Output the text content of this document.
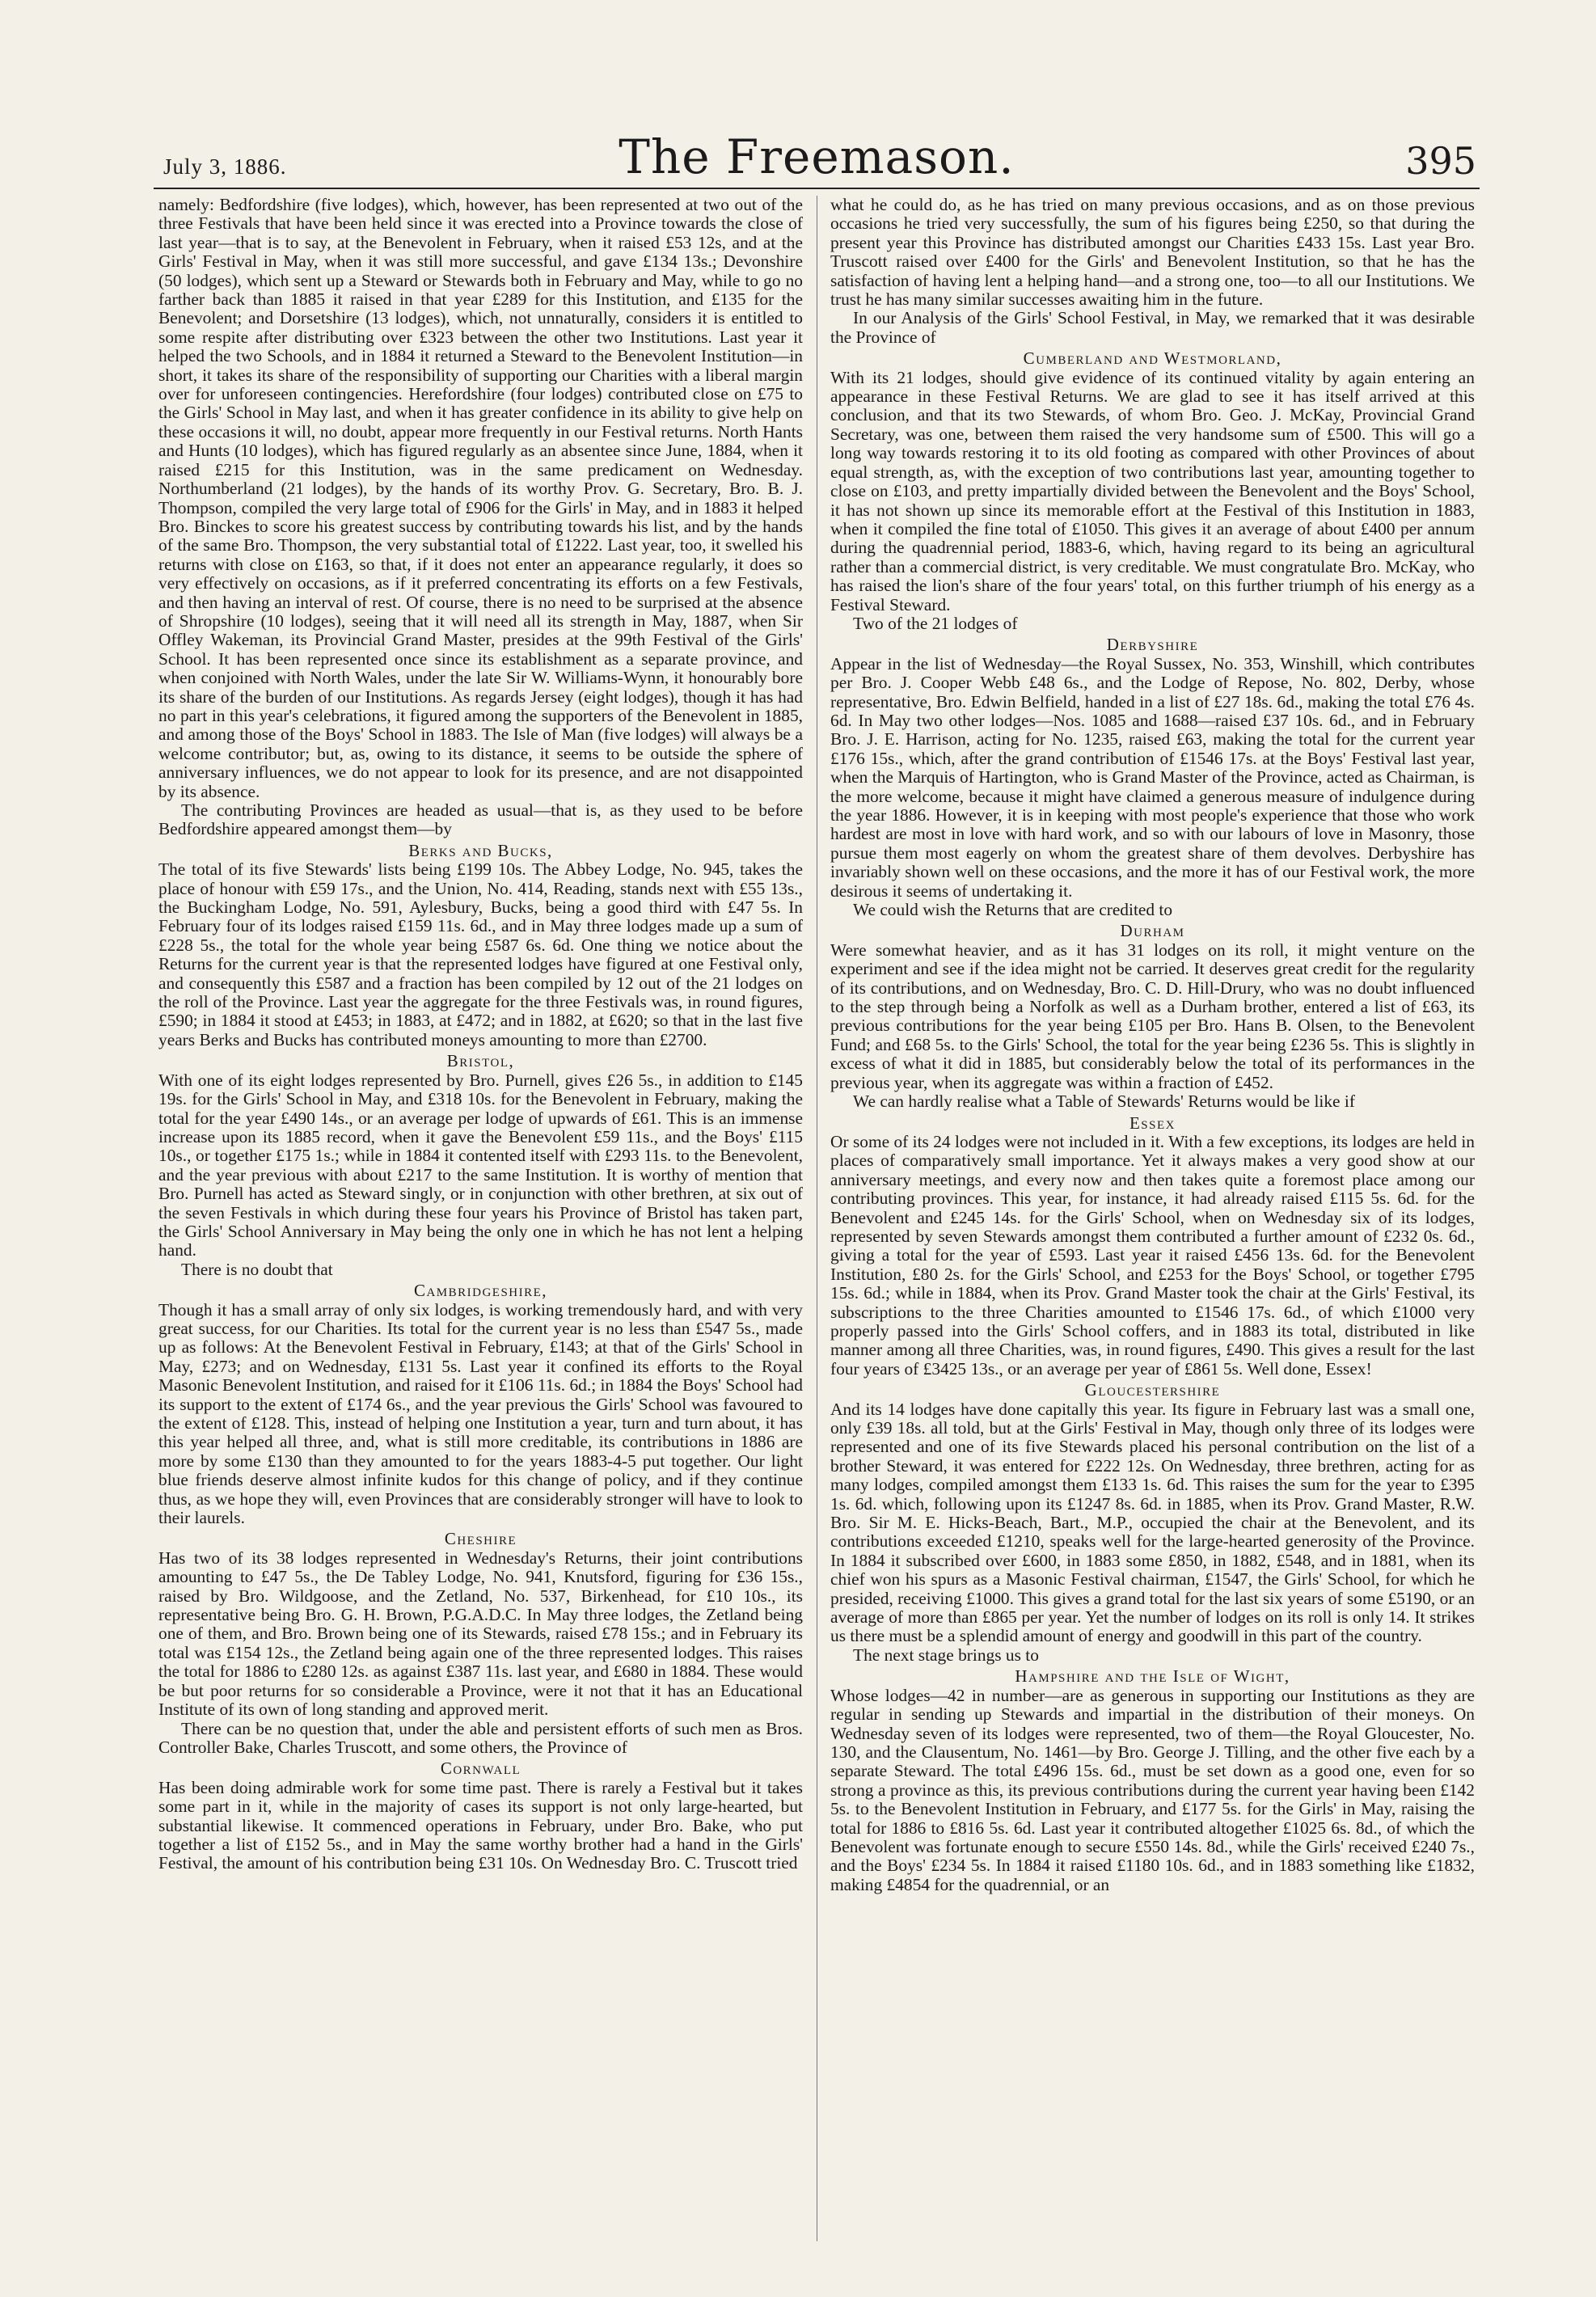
July 3, 1886.	The Freemason.	395

namely: Bedfordshire (five lodges), which, however, has been represented at two out of the three Festivals that have been held since it was erected into a Province towards the close of last year—that is to say, at the Benevolent in February, when it raised £53 12s, and at the Girls' Festival in May, when it was still more successful, and gave £134 13s.; Devonshire (50 lodges), which sent up a Steward or Stewards both in February and May, while to go no farther back than 1885 it raised in that year £289 for this Institution, and £135 for the Benevolent; and Dorsetshire (13 lodges), which, not unnaturally, considers it is entitled to some respite after distributing over £323 between the other two Institutions. Last year it helped the two Schools, and in 1884 it returned a Steward to the Benevolent Institution—in short, it takes its share of the responsibility of supporting our Charities with a liberal margin over for unforeseen contingencies. Herefordshire (four lodges) contributed close on £75 to the Girls' School in May last, and when it has greater confidence in its ability to give help on these occasions it will, no doubt, appear more frequently in our Festival returns. North Hants and Hunts (10 lodges), which has figured regularly as an absentee since June, 1884, when it raised £215 for this Institution, was in the same predicament on Wednesday. Northumberland (21 lodges), by the hands of its worthy Prov. G. Secretary, Bro. B. J. Thompson, compiled the very large total of £906 for the Girls' in May, and in 1883 it helped Bro. Binckes to score his greatest success by contributing towards his list, and by the hands of the same Bro. Thompson, the very substantial total of £1222. Last year, too, it swelled his returns with close on £163, so that, if it does not enter an appearance regularly, it does so very effectively on occasions, as if it preferred concentrating its efforts on a few Festivals, and then having an interval of rest. Of course, there is no need to be surprised at the absence of Shropshire (10 lodges), seeing that it will need all its strength in May, 1887, when Sir Offley Wakeman, its Provincial Grand Master, presides at the 99th Festival of the Girls' School. It has been represented once since its establishment as a separate province, and when conjoined with North Wales, under the late Sir W. Williams-Wynn, it honourably bore its share of the burden of our Institutions. As regards Jersey (eight lodges), though it has had no part in this year's celebrations, it figured among the supporters of the Benevolent in 1885, and among those of the Boys' School in 1883. The Isle of Man (five lodges) will always be a welcome contributor; but, as, owing to its distance, it seems to be outside the sphere of anniversary influences, we do not appear to look for its presence, and are not disappointed by its absence.

The contributing Provinces are headed as usual—that is, as they used to be before Bedfordshire appeared amongst them—by

Berks and Bucks,

The total of its five Stewards' lists being £199 10s. The Abbey Lodge, No. 945, takes the place of honour with £59 17s., and the Union, No. 414, Reading, stands next with £55 13s., the Buckingham Lodge, No. 591, Aylesbury, Bucks, being a good third with £47 5s. In February four of its lodges raised £159 11s. 6d., and in May three lodges made up a sum of £228 5s., the total for the whole year being £587 6s. 6d. One thing we notice about the Returns for the current year is that the represented lodges have figured at one Festival only, and consequently this £587 and a fraction has been compiled by 12 out of the 21 lodges on the roll of the Province. Last year the aggregate for the three Festivals was, in round figures, £590; in 1884 it stood at £453; in 1883, at £472; and in 1882, at £620; so that in the last five years Berks and Bucks has contributed moneys amounting to more than £2700.

Bristol,

With one of its eight lodges represented by Bro. Purnell, gives £26 5s., in addition to £145 19s. for the Girls' School in May, and £318 10s. for the Benevolent in February, making the total for the year £490 14s., or an average per lodge of upwards of £61. This is an immense increase upon its 1885 record, when it gave the Benevolent £59 11s., and the Boys' £115 10s., or together £175 1s.; while in 1884 it contented itself with £293 11s. to the Benevolent, and the year previous with about £217 to the same Institution. It is worthy of mention that Bro. Purnell has acted as Steward singly, or in conjunction with other brethren, at six out of the seven Festivals in which during these four years his Province of Bristol has taken part, the Girls' School Anniversary in May being the only one in which he has not lent a helping hand.

There is no doubt that

Cambridgeshire,

Though it has a small array of only six lodges, is working tremendously hard, and with very great success, for our Charities. Its total for the current year is no less than £547 5s., made up as follows: At the Benevolent Festival in February, £143; at that of the Girls' School in May, £273; and on Wednesday, £131 5s. Last year it confined its efforts to the Royal Masonic Benevolent Institution, and raised for it £106 11s. 6d.; in 1884 the Boys' School had its support to the extent of £174 6s., and the year previous the Girls' School was favoured to the extent of £128. This, instead of helping one Institution a year, turn and turn about, it has this year helped all three, and, what is still more creditable, its contributions in 1886 are more by some £130 than they amounted to for the years 1883-4-5 put together. Our light blue friends deserve almost infinite kudos for this change of policy, and if they continue thus, as we hope they will, even Provinces that are considerably stronger will have to look to their laurels.

Cheshire

Has two of its 38 lodges represented in Wednesday's Returns, their joint contributions amounting to £47 5s., the De Tabley Lodge, No. 941, Knutsford, figuring for £36 15s., raised by Bro. Wildgoose, and the Zetland, No. 537, Birkenhead, for £10 10s., its representative being Bro. G. H. Brown, P.G.A.D.C. In May three lodges, the Zetland being one of them, and Bro. Brown being one of its Stewards, raised £78 15s.; and in February its total was £154 12s., the Zetland being again one of the three represented lodges. This raises the total for 1886 to £280 12s. as against £387 11s. last year, and £680 in 1884. These would be but poor returns for so considerable a Province, were it not that it has an Educational Institute of its own of long standing and approved merit.

There can be no question that, under the able and persistent efforts of such men as Bros. Controller Bake, Charles Truscott, and some others, the Province of

Cornwall

Has been doing admirable work for some time past. There is rarely a Festival but it takes some part in it, while in the majority of cases its support is not only large-hearted, but substantial likewise. It commenced operations in February, under Bro. Bake, who put together a list of £152 5s., and in May the same worthy brother had a hand in the Girls' Festival, the amount of his contribution being £31 10s. On Wednesday Bro. C. Truscott tried

what he could do, as he has tried on many previous occasions, and as on those previous occasions he tried very successfully, the sum of his figures being £250, so that during the present year this Province has distributed amongst our Charities £433 15s. Last year Bro. Truscott raised over £400 for the Girls' and Benevolent Institution, so that he has the satisfaction of having lent a helping hand—and a strong one, too—to all our Institutions. We trust he has many similar successes awaiting him in the future.

In our Analysis of the Girls' School Festival, in May, we remarked that it was desirable the Province of

Cumberland and Westmorland,

With its 21 lodges, should give evidence of its continued vitality by again entering an appearance in these Festival Returns. We are glad to see it has itself arrived at this conclusion, and that its two Stewards, of whom Bro. Geo. J. McKay, Provincial Grand Secretary, was one, between them raised the very handsome sum of £500. This will go a long way towards restoring it to its old footing as compared with other Provinces of about equal strength, as, with the exception of two contributions last year, amounting together to close on £103, and pretty impartially divided between the Benevolent and the Boys' School, it has not shown up since its memorable effort at the Festival of this Institution in 1883, when it compiled the fine total of £1050. This gives it an average of about £400 per annum during the quadrennial period, 1883-6, which, having regard to its being an agricultural rather than a commercial district, is very creditable. We must congratulate Bro. McKay, who has raised the lion's share of the four years' total, on this further triumph of his energy as a Festival Steward.

Two of the 21 lodges of

Derbyshire

Appear in the list of Wednesday—the Royal Sussex, No. 353, Winshill, which contributes per Bro. J. Cooper Webb £48 6s., and the Lodge of Repose, No. 802, Derby, whose representative, Bro. Edwin Belfield, handed in a list of £27 18s. 6d., making the total £76 4s. 6d. In May two other lodges—Nos. 1085 and 1688—raised £37 10s. 6d., and in February Bro. J. E. Harrison, acting for No. 1235, raised £63, making the total for the current year £176 15s., which, after the grand contribution of £1546 17s. at the Boys' Festival last year, when the Marquis of Hartington, who is Grand Master of the Province, acted as Chairman, is the more welcome, because it might have claimed a generous measure of indulgence during the year 1886. However, it is in keeping with most people's experience that those who work hardest are most in love with hard work, and so with our labours of love in Masonry, those pursue them most eagerly on whom the greatest share of them devolves. Derbyshire has invariably shown well on these occasions, and the more it has of our Festival work, the more desirous it seems of undertaking it.

We could wish the Returns that are credited to

Durham

Were somewhat heavier, and as it has 31 lodges on its roll, it might venture on the experiment and see if the idea might not be carried. It deserves great credit for the regularity of its contributions, and on Wednesday, Bro. C. D. Hill-Drury, who was no doubt influenced to the step through being a Norfolk as well as a Durham brother, entered a list of £63, its previous contributions for the year being £105 per Bro. Hans B. Olsen, to the Benevolent Fund; and £68 5s. to the Girls' School, the total for the year being £236 5s. This is slightly in excess of what it did in 1885, but considerably below the total of its performances in the previous year, when its aggregate was within a fraction of £452.

We can hardly realise what a Table of Stewards' Returns would be like if

Essex

Or some of its 24 lodges were not included in it. With a few exceptions, its lodges are held in places of comparatively small importance. Yet it always makes a very good show at our anniversary meetings, and every now and then takes quite a foremost place among our contributing provinces. This year, for instance, it had already raised £115 5s. 6d. for the Benevolent and £245 14s. for the Girls' School, when on Wednesday six of its lodges, represented by seven Stewards amongst them contributed a further amount of £232 0s. 6d., giving a total for the year of £593. Last year it raised £456 13s. 6d. for the Benevolent Institution, £80 2s. for the Girls' School, and £253 for the Boys' School, or together £795 15s. 6d.; while in 1884, when its Prov. Grand Master took the chair at the Girls' Festival, its subscriptions to the three Charities amounted to £1546 17s. 6d., of which £1000 very properly passed into the Girls' School coffers, and in 1883 its total, distributed in like manner among all three Charities, was, in round figures, £490. This gives a result for the last four years of £3425 13s., or an average per year of £861 5s. Well done, Essex!

Gloucestershire

And its 14 lodges have done capitally this year. Its figure in February last was a small one, only £39 18s. all told, but at the Girls' Festival in May, though only three of its lodges were represented and one of its five Stewards placed his personal contribution on the list of a brother Steward, it was entered for £222 12s. On Wednesday, three brethren, acting for as many lodges, compiled amongst them £133 1s. 6d. This raises the sum for the year to £395 1s. 6d. which, following upon its £1247 8s. 6d. in 1885, when its Prov. Grand Master, R.W. Bro. Sir M. E. Hicks-Beach, Bart., M.P., occupied the chair at the Benevolent, and its contributions exceeded £1210, speaks well for the large-hearted generosity of the Province. In 1884 it subscribed over £600, in 1883 some £850, in 1882, £548, and in 1881, when its chief won his spurs as a Masonic Festival chairman, £1547, the Girls' School, for which he presided, receiving £1000. This gives a grand total for the last six years of some £5190, or an average of more than £865 per year. Yet the number of lodges on its roll is only 14. It strikes us there must be a splendid amount of energy and goodwill in this part of the country.

The next stage brings us to

Hampshire and the Isle of Wight,

Whose lodges—42 in number—are as generous in supporting our Institutions as they are regular in sending up Stewards and impartial in the distribution of their moneys. On Wednesday seven of its lodges were represented, two of them—the Royal Gloucester, No. 130, and the Clausentum, No. 1461—by Bro. George J. Tilling, and the other five each by a separate Steward. The total £496 15s. 6d., must be set down as a good one, even for so strong a province as this, its previous contributions during the current year having been £142 5s. to the Benevolent Institution in February, and £177 5s. for the Girls' in May, raising the total for 1886 to £816 5s. 6d. Last year it contributed altogether £1025 6s. 8d., of which the Benevolent was fortunate enough to secure £550 14s. 8d., while the Girls' received £240 7s., and the Boys' £234 5s. In 1884 it raised £1180 10s. 6d., and in 1883 something like £1832, making £4854 for the quadrennial, or an
